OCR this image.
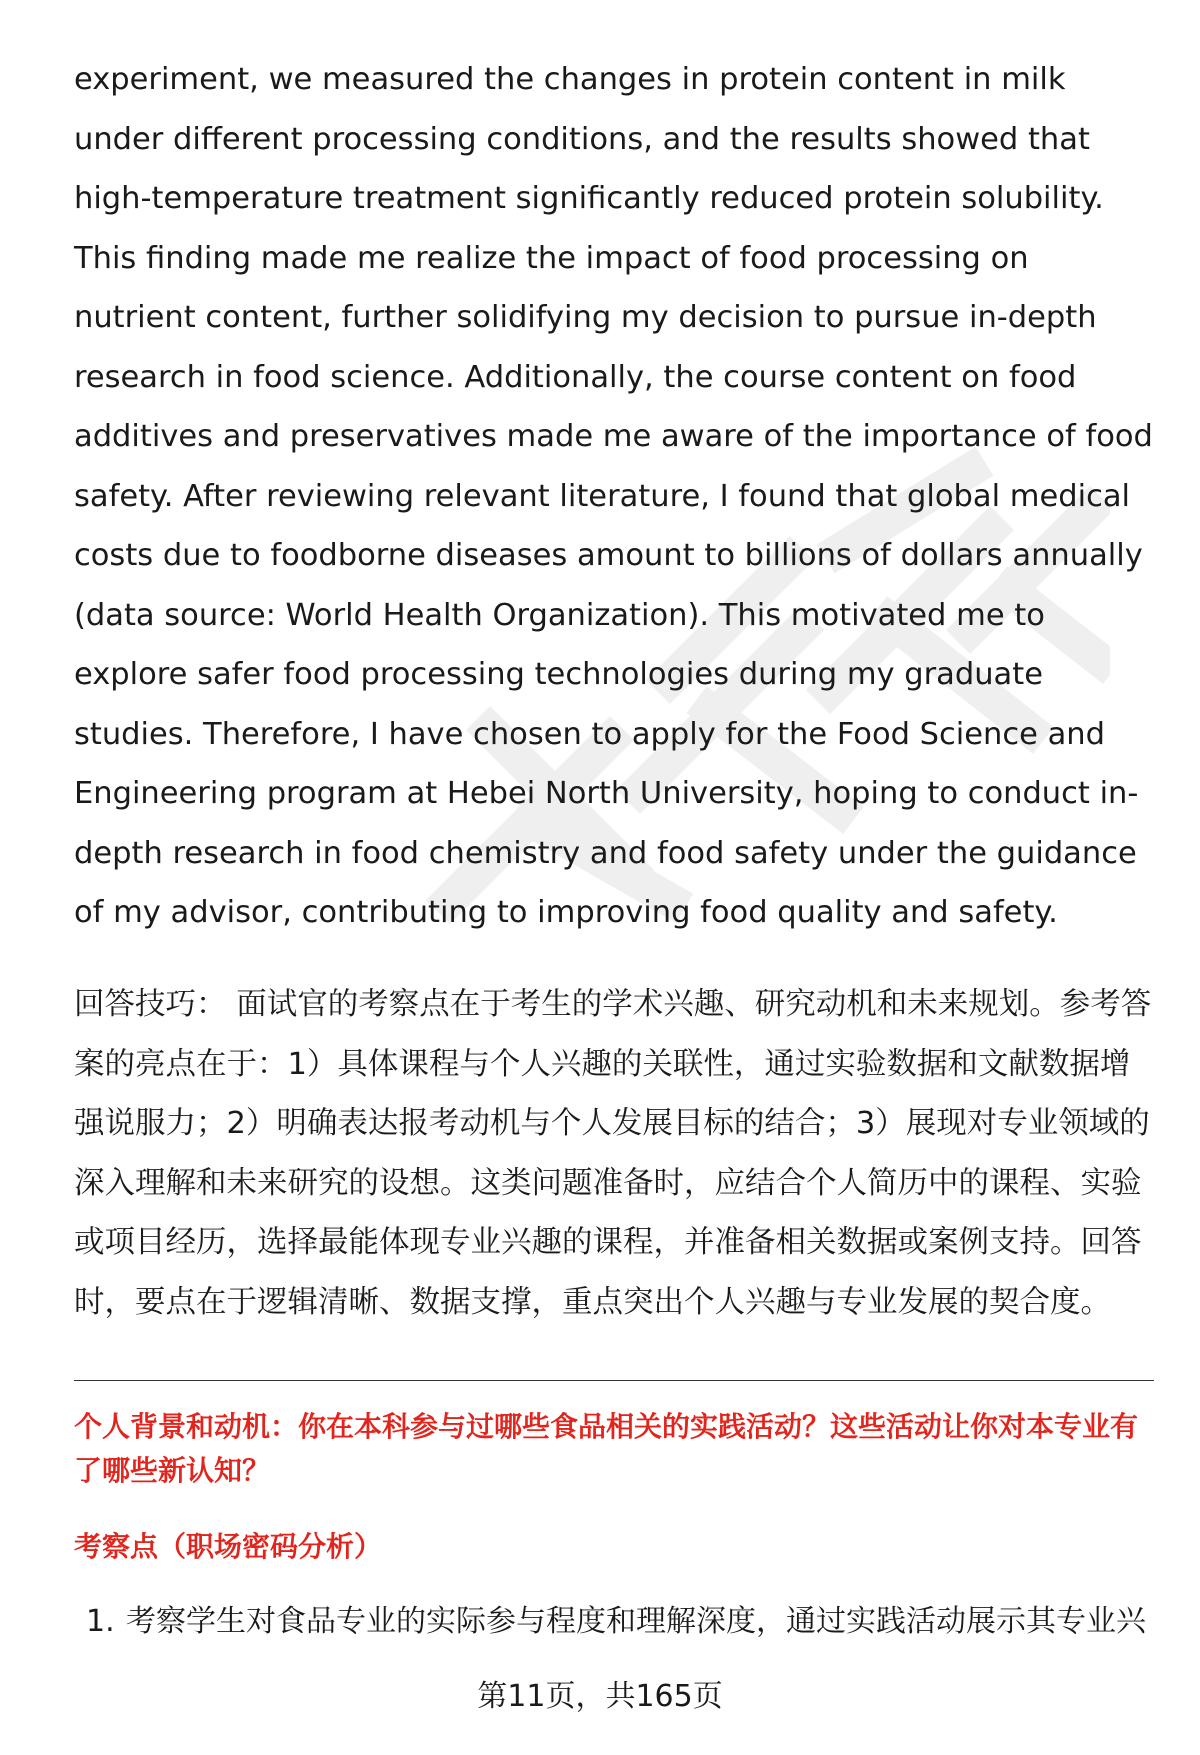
experiment, we measured the changes in protein content in milk under different processing conditions, and the results showed that high-temperature treatment significantly reduced protein solubility. This finding made me realize the impact of food processing on nutrient content, further solidifying my decision to pursue in-depth research in food science. Additionally, the course content on food additives and preservatives made me aware of the importance of food safety. After reviewing relevant literature, I found that global medical costs due to foodborne diseases amount to billions of dollars annually (data source: World Health Organization). This motivated me to explore safer food processing technologies during my graduate studies. Therefore, I have chosen to apply for the Food Science and Engineering program at Hebei North University, hoping to conduct in-depth research in food chemistry and food safety under the guidance of my advisor, contributing to improving food quality and safety.

回答技巧： 面试官的考察点在于考生的学术兴趣、研究动机和未来规划。参考答案的亮点在于：1）具体课程与个人兴趣的关联性，通过实验数据和文献数据增强说服力；2）明确表达报考动机与个人发展目标的结合；3）展现对专业领域的深入理解和未来研究的设想。这类问题准备时，应结合个人简历中的课程、实验或项目经历，选择最能体现专业兴趣的课程，并准备相关数据或案例支持。回答时，要点在于逻辑清晰、数据支撑，重点突出个人兴趣与专业发展的契合度。

个人背景和动机：你在本科参与过哪些食品相关的实践活动？这些活动让你对本专业有了哪些新认知？

考察点（职场密码分析）

1. 考察学生对食品专业的实际参与程度和理解深度，通过实践活动展示其专业兴

第11页，共165页
